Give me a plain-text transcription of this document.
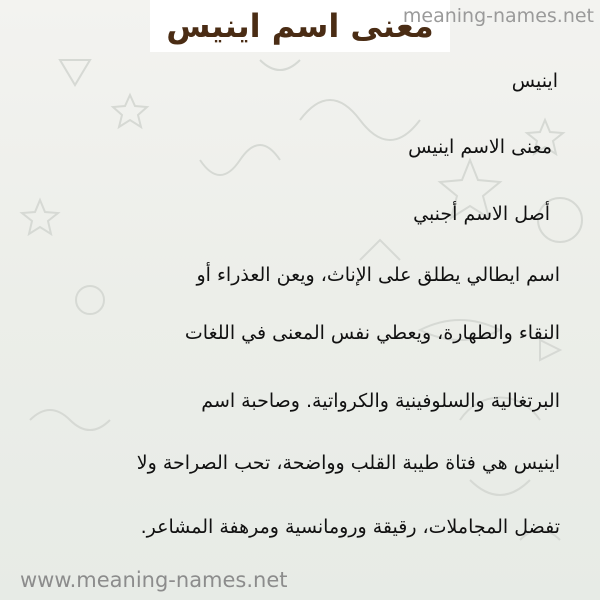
معنى اسم اينيس
meaning-names.net
اينيس
معنى الاسم اينيس
أصل الاسم أجنبي
اسم ايطالي يطلق على الإناث، ويعن العذراء أو
النقاء والطهارة، ويعطي نفس المعنى في اللغات
البرتغالية والسلوفينية والكرواتية. وصاحبة اسم
اينيس هي فتاة طيبة القلب وواضحة، تحب الصراحة ولا
تفضل المجاملات، رقيقة ورومانسية ومرهفة المشاعر.
www.meaning-names.net
